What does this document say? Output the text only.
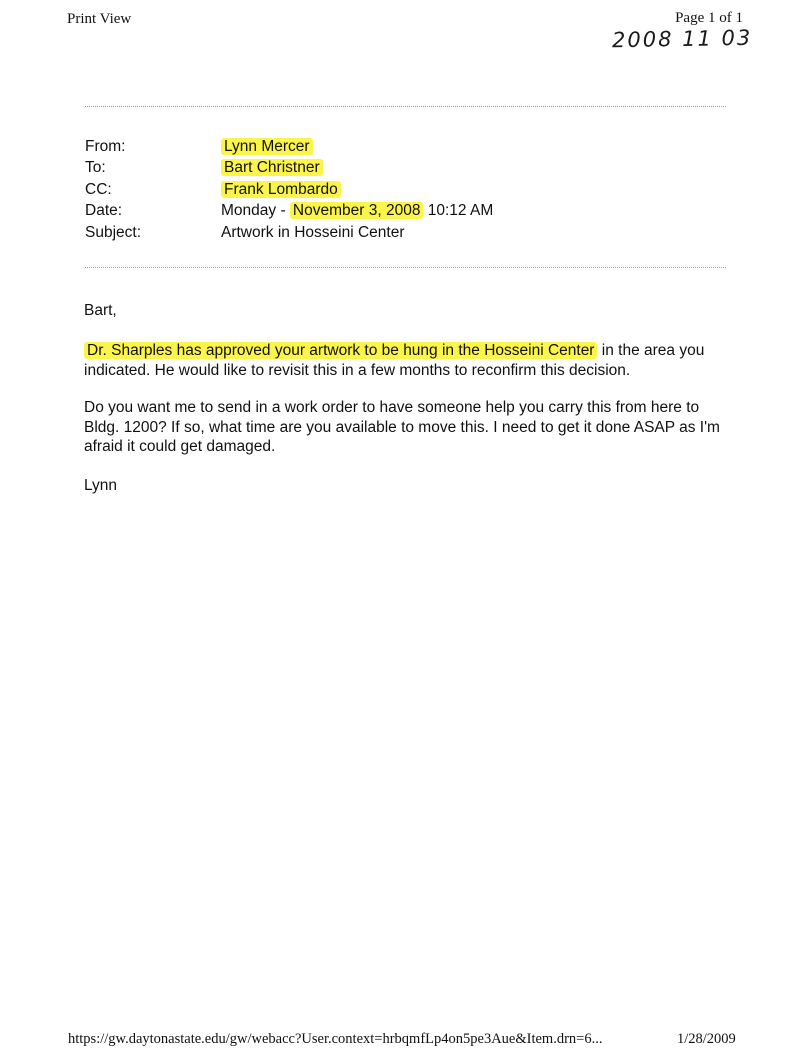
Print View	Page 1 of 1
2008 11 03
From:	Lynn Mercer
To:	Bart Christner
CC:	Frank Lombardo
Date:	Monday - November 3, 2008 10:12 AM
Subject:	Artwork in Hosseini Center
Bart,
Dr. Sharples has approved your artwork to be hung in the Hosseini Center in the area you indicated. He would like to revisit this in a few months to reconfirm this decision.
Do you want me to send in a work order to have someone help you carry this from here to Bldg. 1200? If so, what time are you available to move this. I need to get it done ASAP as I'm afraid it could get damaged.
Lynn
https://gw.daytonastate.edu/gw/webacc?User.context=hrbqmfLp4on5pe3Aue&Item.drn=6...	1/28/2009
